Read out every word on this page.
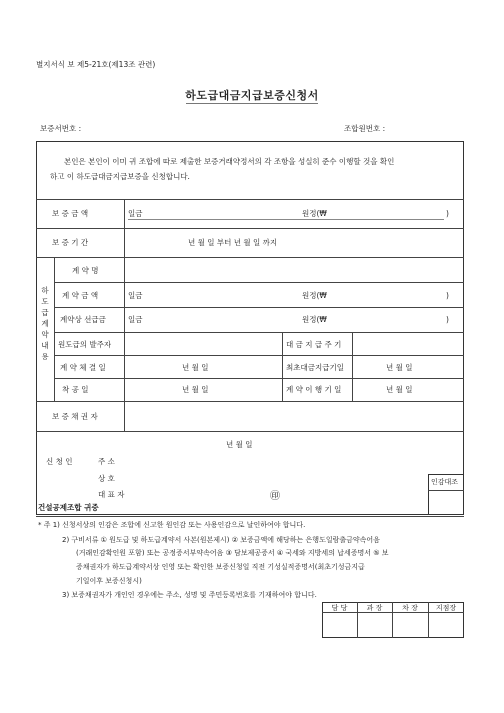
별지서식 보 제5-21호(제13조 관련)
하도급대금지급보증신청서
보증서번호 :	조합원번호 :
본인은 본인이 이미 귀 조합에 따로 제출한 보증거래약정서의 각 조항을 성실히 준수 이행할 것을 확인
하고 이 하도급대금지급보증을 신청합니다.
보 증 금 액	일금	원정(₩	)
보 증 기 간	년 월 일 부터 년 월 일 까지
하
도
급
계
약
내
용
계 약 명
계 약 금 액	일금	원정(₩	)
계약상 선급금	일금	원정(₩	)
원도급의 발주자	대 금 지 급 주 기
계 약 체 결 일	년 월 일	최초대금지급기일	년 월 일
착 공 일	년 월 일	계 약 이 행 기 일	년 월 일
보 증 채 권 자
년 월 일
신 청 인	주 소
상 호
대 표 자	㊞
인감대조
건설공제조합 귀중
* 주 1) 신청서상의 인감은 조합에 신고한 원인감 또는 사용인감으로 날인하여야 합니다.
2) 구비서류 ① 원도급 및 하도급계약서 사본(원본제시) ② 보증금액에 해당하는 은행도일람출금약속어음
(거래인감확인원 포함) 또는 공정증서부약속어음 ③ 담보제공증서 ④ 국세와 지방세의 납세증명서 ⑤ 보
증채권자가 하도급계약서상 인영 또는 확인한 보증신청일 직전 기성실적증명서(최초기성금지급
기일이후 보증신청시)
3) 보증채권자가 개인인 경우에는 주소, 성명 및 주민등록번호를 기재하여야 합니다.
담 당	과 장	차 장	지점장
